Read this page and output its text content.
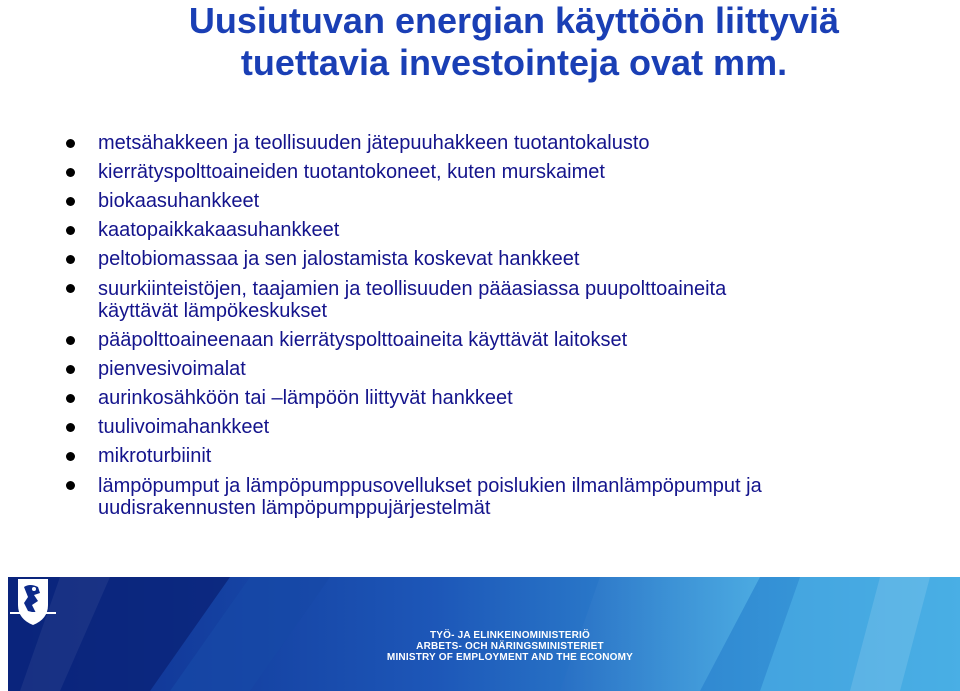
Uusiutuvan energian käyttöön liittyviä
tuettavia investointeja ovat mm.
metsähakkeen ja teollisuuden jätepuuhakkeen tuotantokalusto
kierrätyspolttoaineiden tuotantokoneet, kuten murskaimet
biokaasuhankkeet
kaatopaikkakaasuhankkeet
peltobiomassaa ja sen jalostamista koskevat hankkeet
suurkiinteistöjen, taajamien ja teollisuuden pääasiassa puupolttoaineita
käyttävät lämpökeskukset
pääpolttoaineenaan kierrätyspolttoaineita käyttävät laitokset
pienvesivoimalat
aurinkosähköön tai –lämpöön liittyvät hankkeet
tuulivoimahankkeet
mikroturbiinit
lämpöpumput ja lämpöpumppusovellukset poislukien ilmanlämpöpumput ja
uudisrakennusten lämpöpumppujärjestelmät
TYÖ- JA ELINKEINOMINISTERIÖ
ARBETS- OCH NÄRINGSMINISTERIET
MINISTRY OF EMPLOYMENT AND THE ECONOMY
